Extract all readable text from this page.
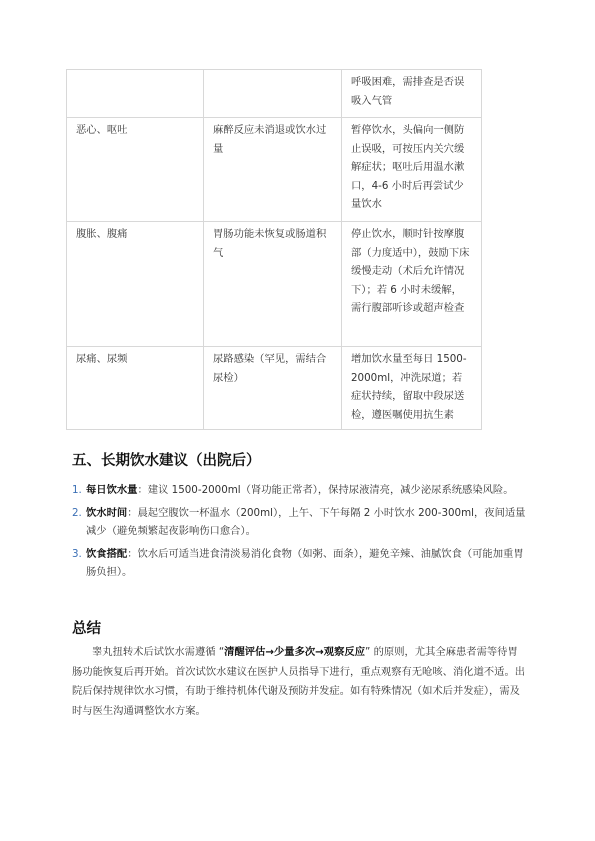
		呼吸困难，需排查是否误吸入气管
恶心、呕吐	麻醉反应未消退或饮水过量	暂停饮水，头偏向一侧防止误吸，可按压内关穴缓解症状；呕吐后用温水漱口，4-6 小时后再尝试少量饮水
腹胀、腹痛	胃肠功能未恢复或肠道积气	停止饮水，顺时针按摩腹部（力度适中），鼓励下床缓慢走动（术后允许情况下）；若 6 小时未缓解，需行腹部听诊或超声检查
尿痛、尿频	尿路感染（罕见，需结合尿检）	增加饮水量至每日 1500-2000ml，冲洗尿道；若症状持续，留取中段尿送检，遵医嘱使用抗生素
五、长期饮水建议（出院后）
1. 每日饮水量：建议 1500-2000ml（肾功能正常者），保持尿液清亮，减少泌尿系统感染风险。
2. 饮水时间：晨起空腹饮一杯温水（200ml），上午、下午每隔 2 小时饮水 200-300ml，夜间适量减少（避免频繁起夜影响伤口愈合）。
3. 饮食搭配：饮水后可适当进食清淡易消化食物（如粥、面条），避免辛辣、油腻饮食（可能加重胃肠负担）。
总结

睾丸扭转术后试饮水需遵循 “清醒评估→少量多次→观察反应” 的原则，尤其全麻患者需等待胃肠功能恢复后再开始。首次试饮水建议在医护人员指导下进行，重点观察有无呛咳、消化道不适。出院后保持规律饮水习惯，有助于维持机体代谢及预防并发症。如有特殊情况（如术后并发症），需及时与医生沟通调整饮水方案。
